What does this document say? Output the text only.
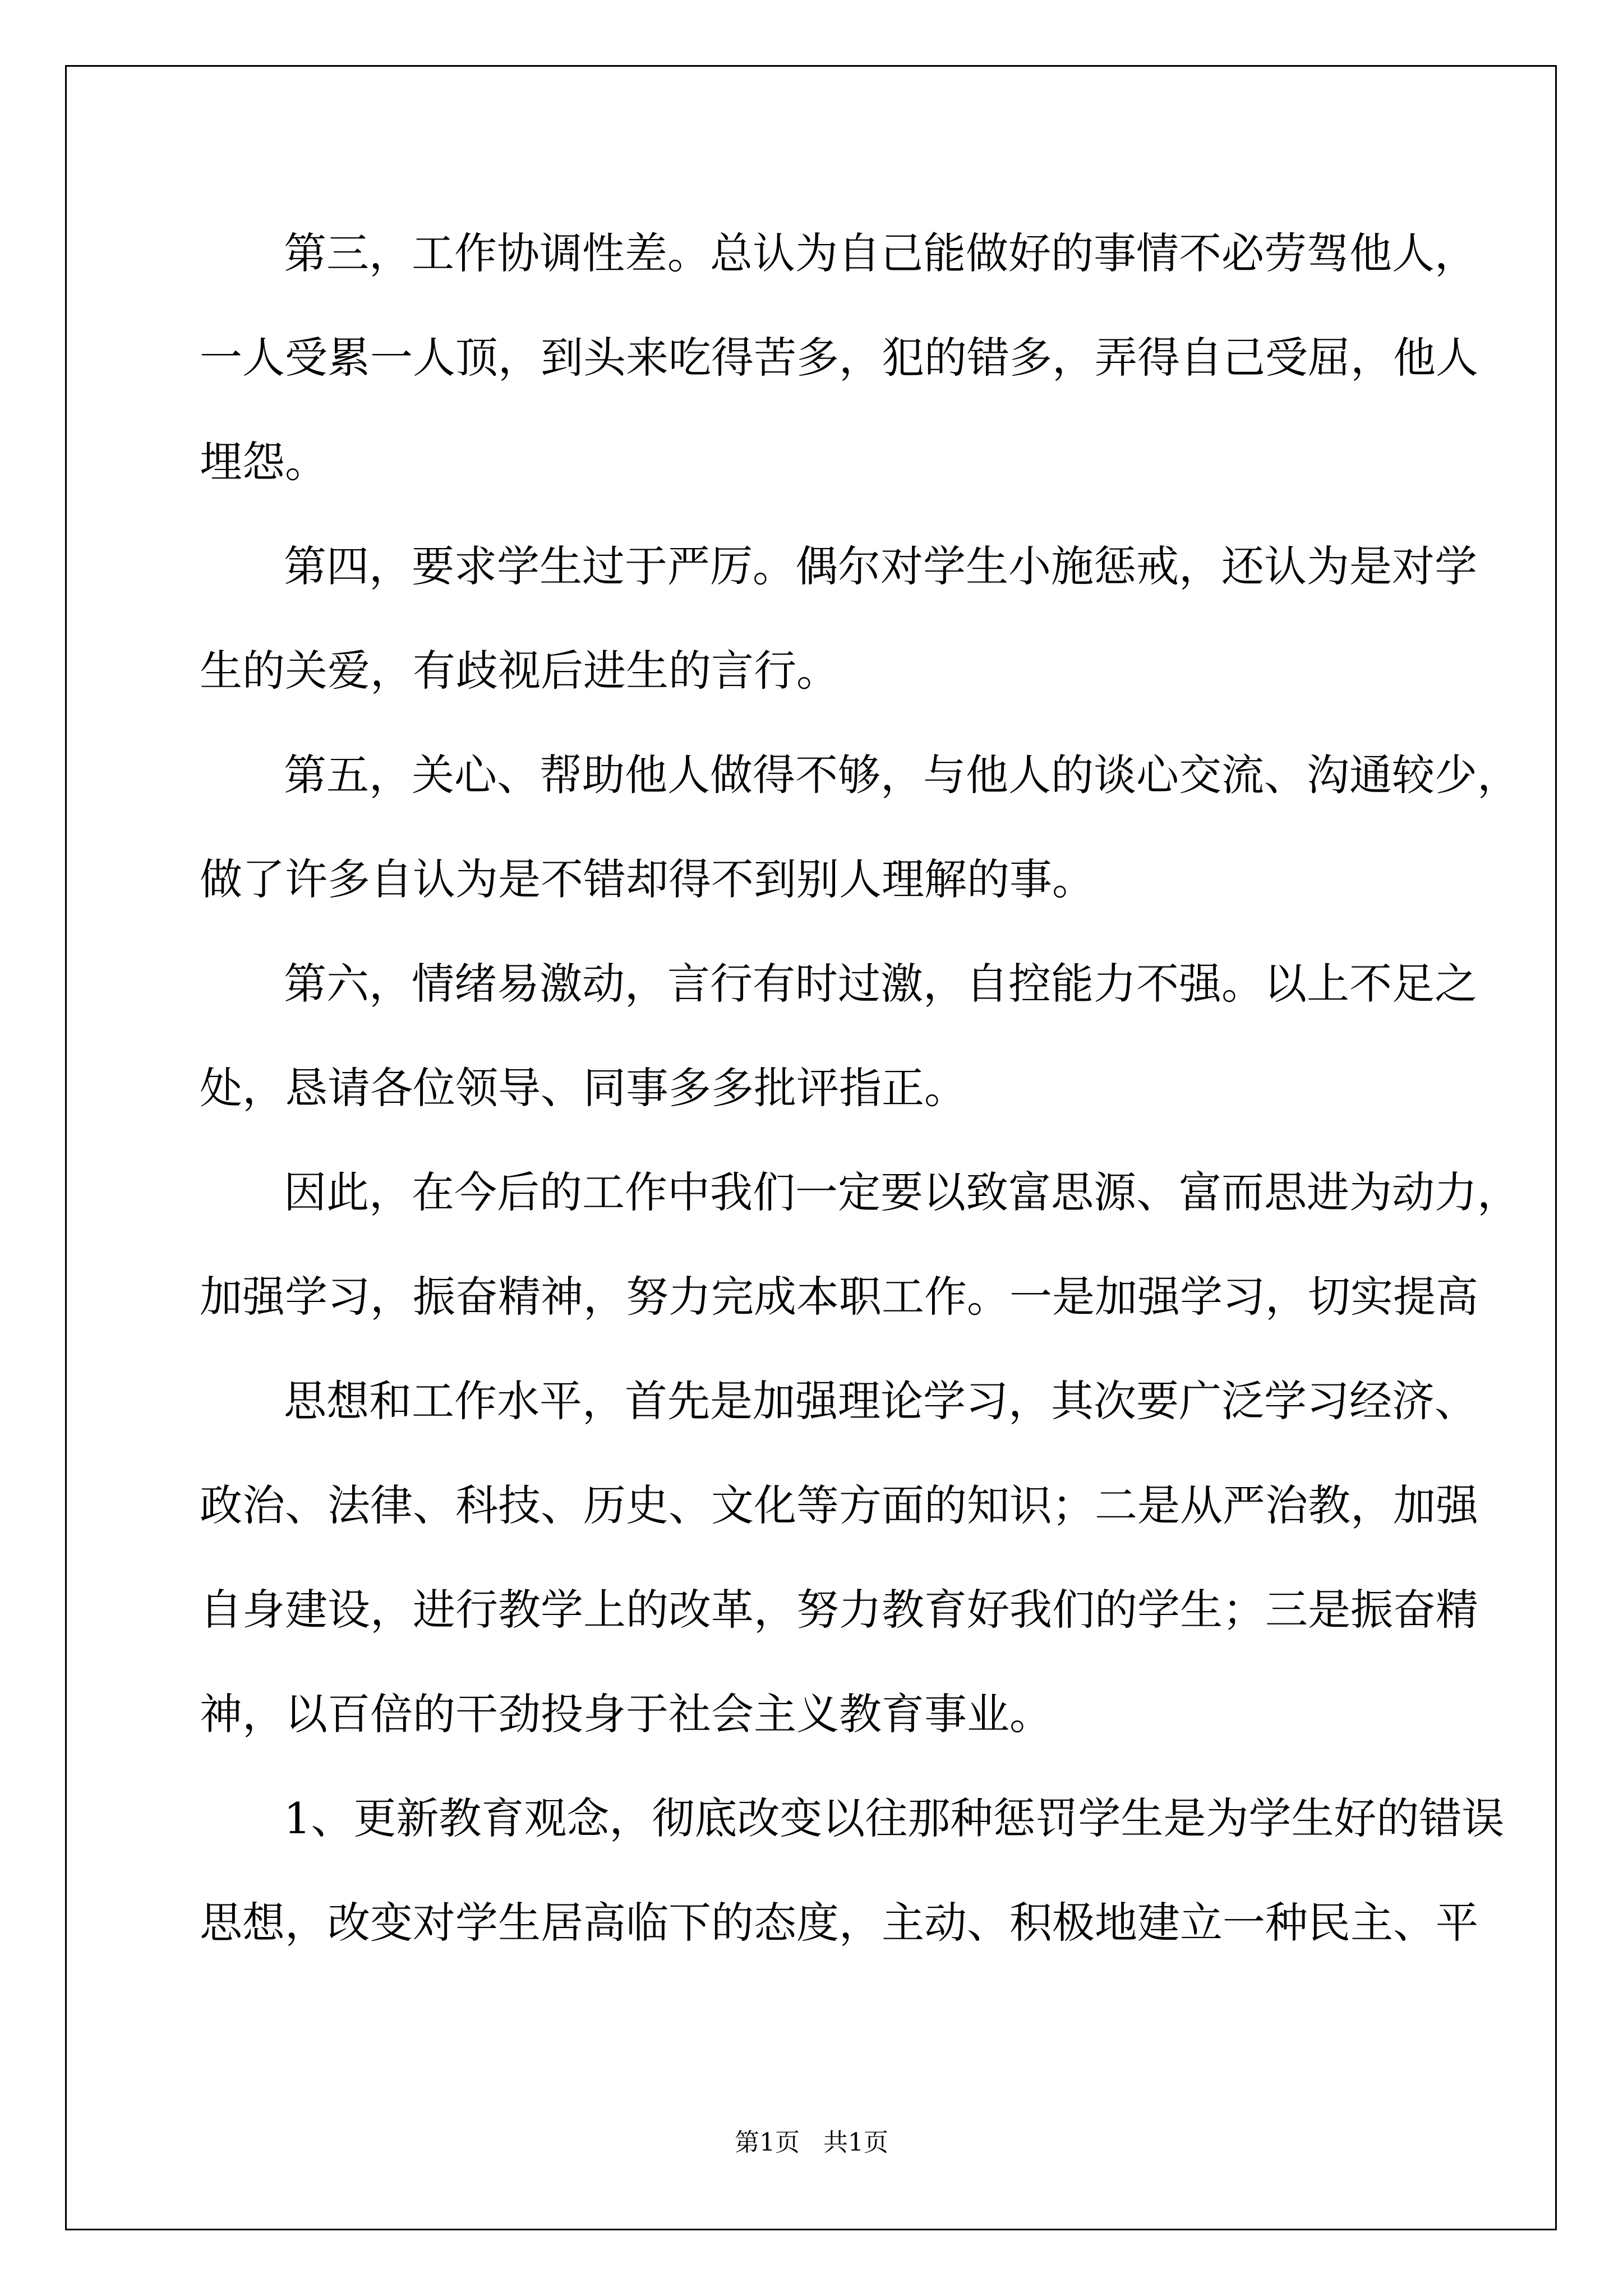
第三，工作协调性差。总认为自己能做好的事情不必劳驾他人，
一人受累一人顶，到头来吃得苦多，犯的错多，弄得自己受屈，他人
埋怨。
第四，要求学生过于严厉。偶尔对学生小施惩戒，还认为是对学
生的关爱，有歧视后进生的言行。
第五，关心、帮助他人做得不够，与他人的谈心交流、沟通较少，
做了许多自认为是不错却得不到别人理解的事。
第六，情绪易激动，言行有时过激，自控能力不强。以上不足之
处，恳请各位领导、同事多多批评指正。
因此，在今后的工作中我们一定要以致富思源、富而思进为动力，
加强学习，振奋精神，努力完成本职工作。一是加强学习，切实提高
思想和工作水平，首先是加强理论学习，其次要广泛学习经济、
政治、法律、科技、历史、文化等方面的知识；二是从严治教，加强
自身建设，进行教学上的改革，努力教育好我们的学生；三是振奋精
神，以百倍的干劲投身于社会主义教育事业。
1、更新教育观念，彻底改变以往那种惩罚学生是为学生好的错误
思想，改变对学生居高临下的态度，主动、积极地建立一种民主、平
第1页   共1页
